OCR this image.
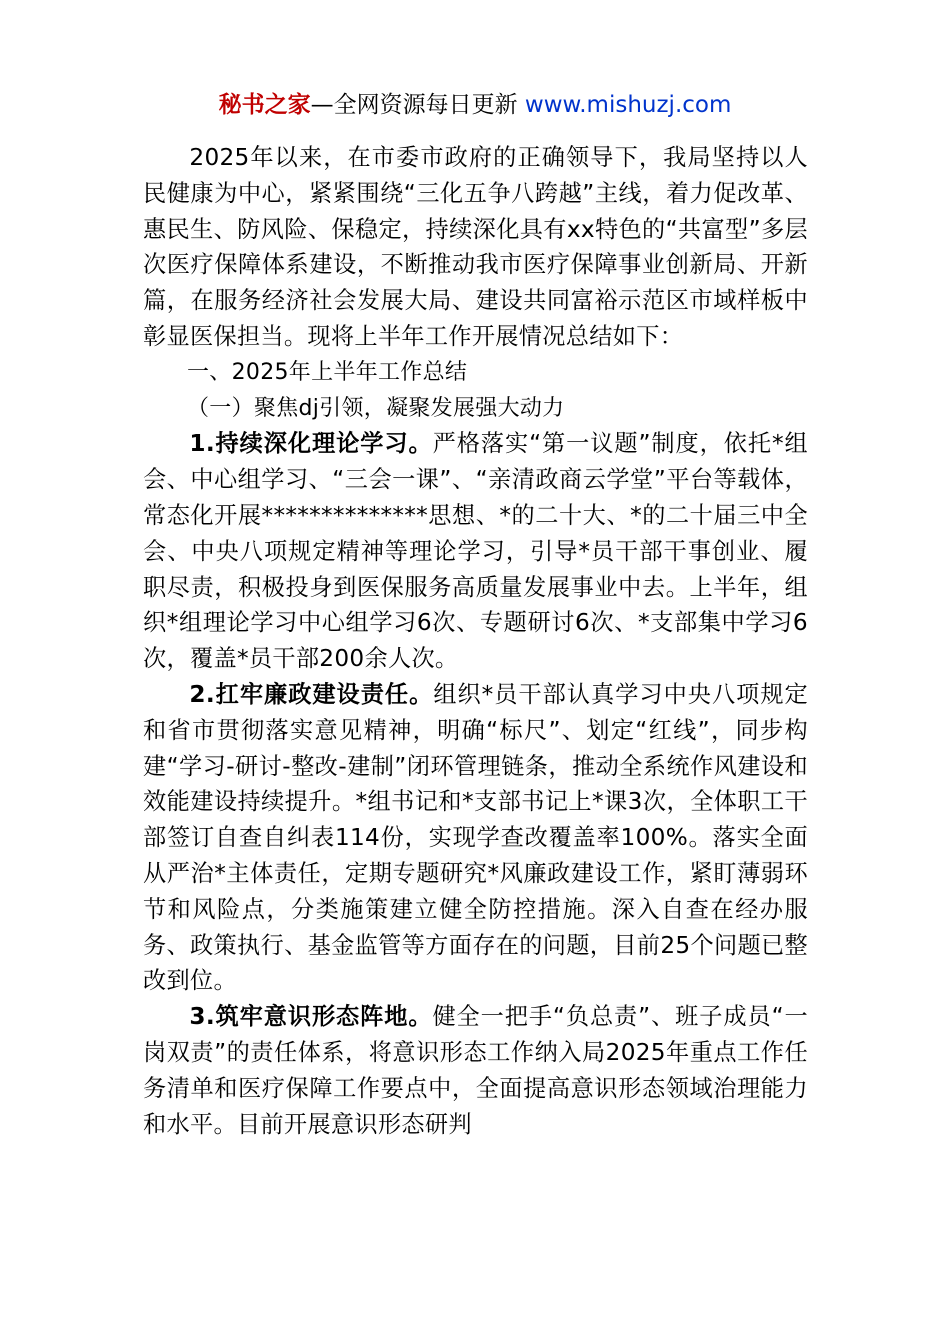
秘书之家—全网资源每日更新 www.mishuzj.com

2025年以来，在市委市政府的正确领导下，我局坚持以人民健康为中心，紧紧围绕“三化五争八跨越”主线，着力促改革、惠民生、防风险、保稳定，持续深化具有xx特色的“共富型”多层次医疗保障体系建设，不断推动我市医疗保障事业创新局、开新篇，在服务经济社会发展大局、建设共同富裕示范区市域样板中彰显医保担当。现将上半年工作开展情况总结如下：

一、2025年上半年工作总结

（一）聚焦dj引领，凝聚发展强大动力

1.持续深化理论学习。严格落实“第一议题”制度，依托*组会、中心组学习、“三会一课”、“亲清政商云学堂”平台等载体，常态化开展**************思想、*的二十大、*的二十届三中全会、中央八项规定精神等理论学习，引导*员干部干事创业、履职尽责，积极投身到医保服务高质量发展事业中去。上半年，组织*组理论学习中心组学习6次、专题研讨6次、*支部集中学习6次，覆盖*员干部200余人次。

2.扛牢廉政建设责任。组织*员干部认真学习中央八项规定和省市贯彻落实意见精神，明确“标尺”、划定“红线”，同步构建“学习-研讨-整改-建制”闭环管理链条，推动全系统作风建设和效能建设持续提升。*组书记和*支部书记上*课3次，全体职工干部签订自查自纠表114份，实现学查改覆盖率100%。落实全面从严治*主体责任，定期专题研究*风廉政建设工作，紧盯薄弱环节和风险点，分类施策建立健全防控措施。深入自查在经办服务、政策执行、基金监管等方面存在的问题，目前25个问题已整改到位。

3.筑牢意识形态阵地。健全一把手“负总责”、班子成员“一岗双责”的责任体系，将意识形态工作纳入局2025年重点工作任务清单和医疗保障工作要点中，全面提高意识形态领域治理能力和水平。目前开展意识形态研判
